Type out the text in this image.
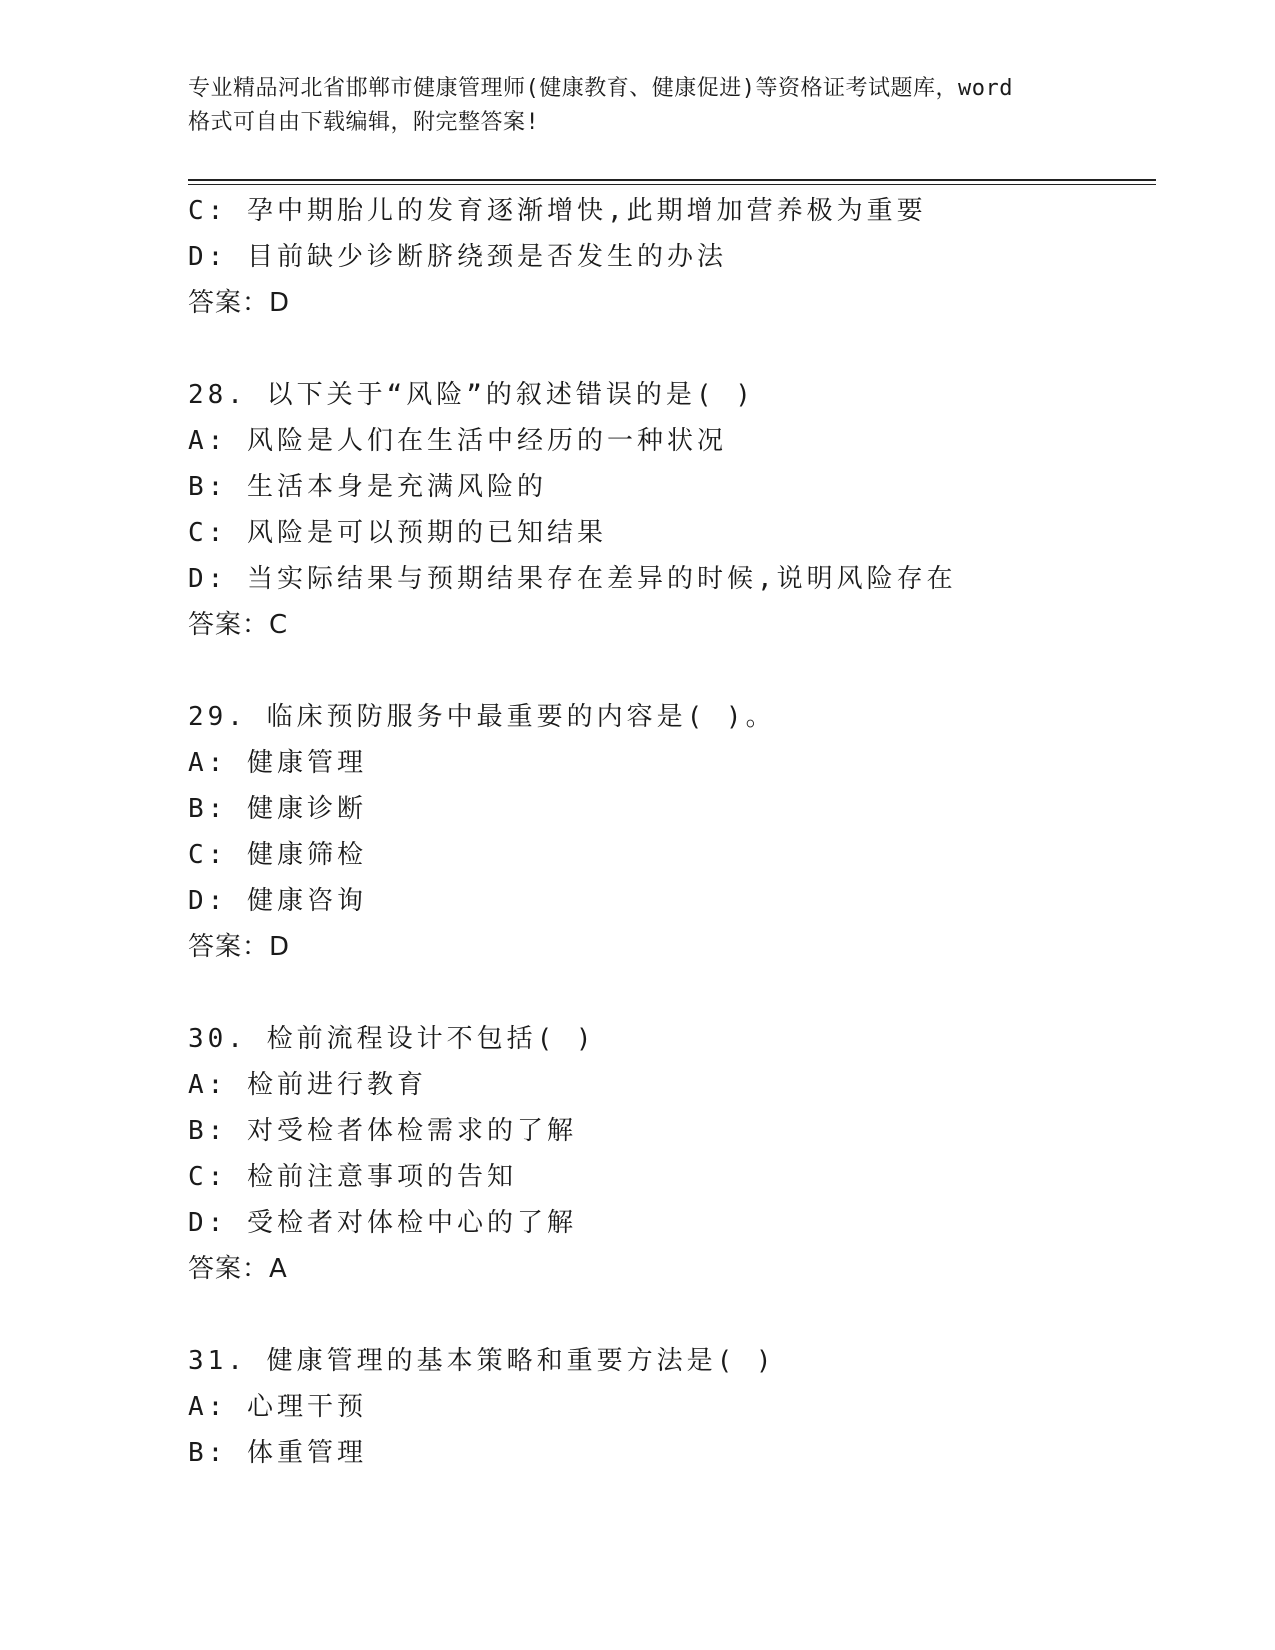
专业精品河北省邯郸市健康管理师(健康教育、健康促进)等资格证考试题库，word
格式可自由下载编辑，附完整答案!
C: 孕中期胎儿的发育逐渐增快,此期增加营养极为重要
D: 目前缺少诊断脐绕颈是否发生的办法
答案：D
28. 以下关于“风险”的叙述错误的是( )
A: 风险是人们在生活中经历的一种状况
B: 生活本身是充满风险的
C: 风险是可以预期的已知结果
D: 当实际结果与预期结果存在差异的时候,说明风险存在
答案：C
29. 临床预防服务中最重要的内容是( )。
A: 健康管理
B: 健康诊断
C: 健康筛检
D: 健康咨询
答案：D
30. 检前流程设计不包括( )
A: 检前进行教育
B: 对受检者体检需求的了解
C: 检前注意事项的告知
D: 受检者对体检中心的了解
答案：A
31. 健康管理的基本策略和重要方法是( )
A: 心理干预
B: 体重管理
